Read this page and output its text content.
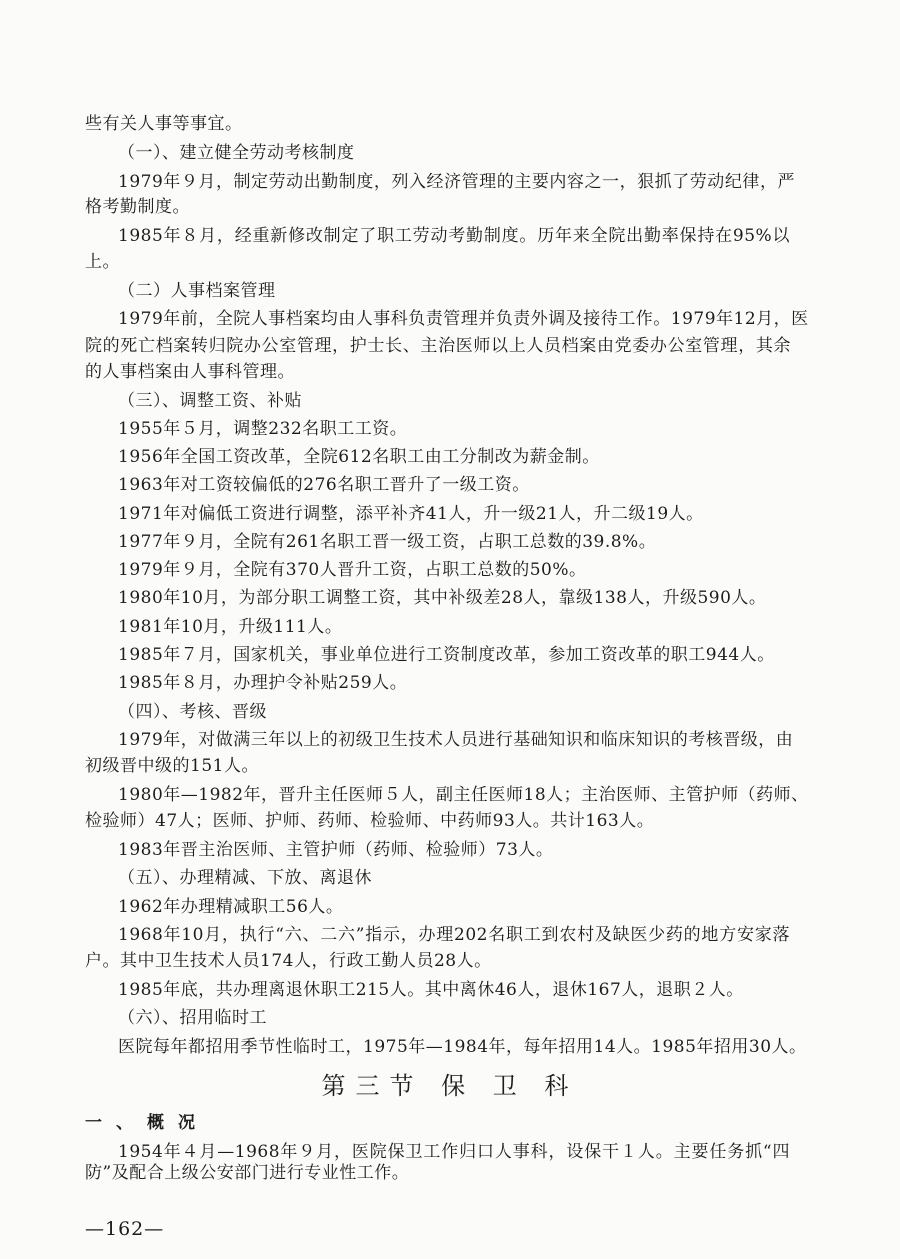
些有关人事等事宜。
（一）、建立健全劳动考核制度
1979年９月，制定劳动出勤制度，列入经济管理的主要内容之一，狠抓了劳动纪律，严
格考勤制度。
1985年８月，经重新修改制定了职工劳动考勤制度。历年来全院出勤率保持在95%以
上。
（二）人事档案管理
1979年前，全院人事档案均由人事科负责管理并负责外调及接待工作。1979年12月，医
院的死亡档案转归院办公室管理，护士长、主治医师以上人员档案由党委办公室管理，其余
的人事档案由人事科管理。
（三）、调整工资、补贴
1955年５月，调整232名职工工资。
1956年全国工资改革，全院612名职工由工分制改为薪金制。
1963年对工资较偏低的276名职工晋升了一级工资。
1971年对偏低工资进行调整，添平补齐41人，升一级21人，升二级19人。
1977年９月，全院有261名职工晋一级工资，占职工总数的39.8%。
1979年９月，全院有370人晋升工资，占职工总数的50%。
1980年10月，为部分职工调整工资，其中补级差28人，靠级138人，升级590人。
1981年10月，升级111人。
1985年７月，国家机关，事业单位进行工资制度改革，参加工资改革的职工944人。
1985年８月，办理护令补贴259人。
（四）、考核、晋级
1979年，对做满三年以上的初级卫生技术人员进行基础知识和临床知识的考核晋级，由
初级晋中级的151人。
1980年—1982年，晋升主任医师５人，副主任医师18人；主治医师、主管护师（药师、
检验师）47人；医师、护师、药师、检验师、中药师93人。共计163人。
1983年晋主治医师、主管护师（药师、检验师）73人。
（五）、办理精减、下放、离退休
1962年办理精减职工56人。
1968年10月，执行“六、二六”指示，办理202名职工到农村及缺医少药的地方安家落
户。其中卫生技术人员174人，行政工勤人员28人。
1985年底，共办理离退休职工215人。其中离休46人，退休167人，退职２人。
（六）、招用临时工
医院每年都招用季节性临时工，1975年—1984年，每年招用14人。1985年招用30人。
第三节 保 卫 科
一、概况
1954年４月—1968年９月，医院保卫工作归口人事科，设保干１人。主要任务抓“四
防”及配合上级公安部门进行专业性工作。
—162—
